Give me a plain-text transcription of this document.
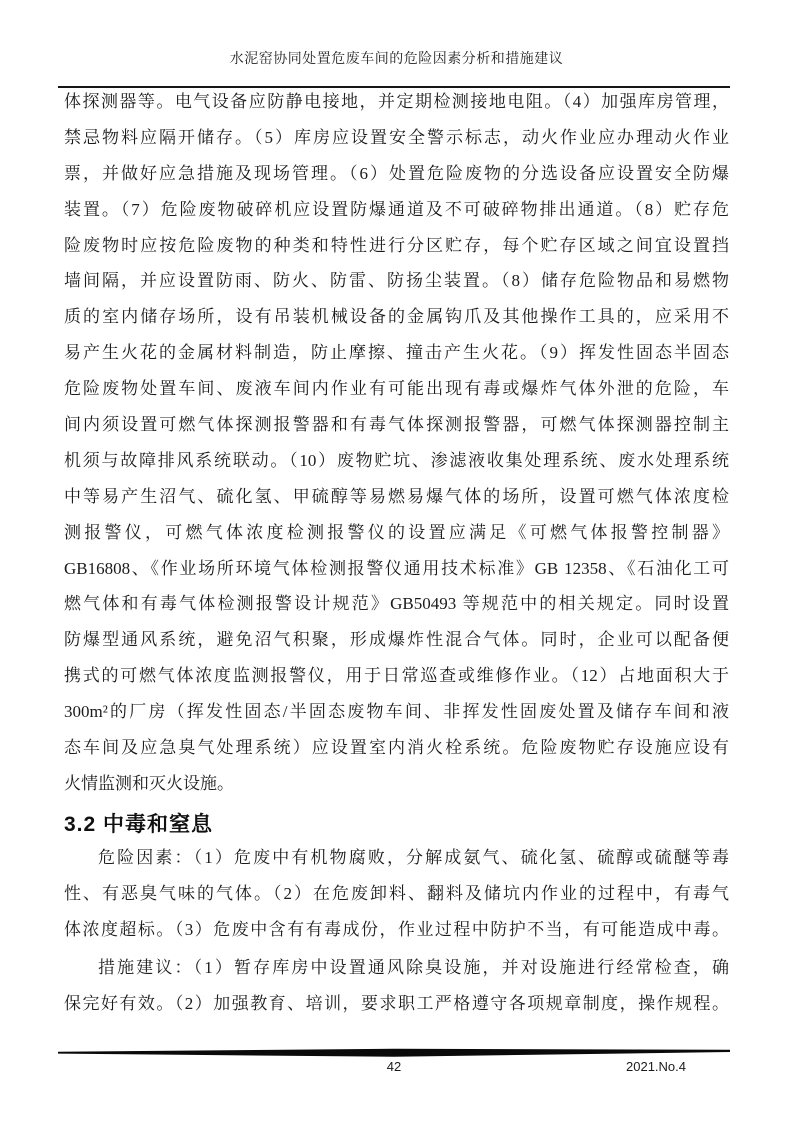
水泥窑协同处置危废车间的危险因素分析和措施建议
体探测器等。电气设备应防静电接地，并定期检测接地电阻。（4）加强库房管理，
禁忌物料应隔开储存。（5）库房应设置安全警示标志，动火作业应办理动火作业
票，并做好应急措施及现场管理。（6）处置危险废物的分选设备应设置安全防爆
装置。（7）危险废物破碎机应设置防爆通道及不可破碎物排出通道。（8）贮存危
险废物时应按危险废物的种类和特性进行分区贮存，每个贮存区域之间宜设置挡
墙间隔，并应设置防雨、防火、防雷、防扬尘装置。（8）储存危险物品和易燃物
质的室内储存场所，设有吊装机械设备的金属钩爪及其他操作工具的，应采用不
易产生火花的金属材料制造，防止摩擦、撞击产生火花。（9）挥发性固态半固态
危险废物处置车间、废液车间内作业有可能出现有毒或爆炸气体外泄的危险，车
间内须设置可燃气体探测报警器和有毒气体探测报警器，可燃气体探测器控制主
机须与故障排风系统联动。（10）废物贮坑、渗滤液收集处理系统、废水处理系统
中等易产生沼气、硫化氢、甲硫醇等易燃易爆气体的场所，设置可燃气体浓度检
测报警仪，可燃气体浓度检测报警仪的设置应满足《可燃气体报警控制器》
GB16808、《作业场所环境气体检测报警仪通用技术标准》GB 12358、《石油化工可
燃气体和有毒气体检测报警设计规范》GB50493 等规范中的相关规定。同时设置
防爆型通风系统，避免沼气积聚，形成爆炸性混合气体。同时，企业可以配备便
携式的可燃气体浓度监测报警仪，用于日常巡查或维修作业。（12）占地面积大于
300m²的厂房（挥发性固态/半固态废物车间、非挥发性固废处置及储存车间和液
态车间及应急臭气处理系统）应设置室内消火栓系统。危险废物贮存设施应设有
火情监测和灭火设施。
3.2 中毒和窒息
危险因素：（1）危废中有机物腐败，分解成氨气、硫化氢、硫醇或硫醚等毒
性、有恶臭气味的气体。（2）在危废卸料、翻料及储坑内作业的过程中，有毒气
体浓度超标。（3）危废中含有有毒成份，作业过程中防护不当，有可能造成中毒。
措施建议：（1）暂存库房中设置通风除臭设施，并对设施进行经常检查，确
保完好有效。（2）加强教育、培训，要求职工严格遵守各项规章制度，操作规程。
42	2021.No.4
